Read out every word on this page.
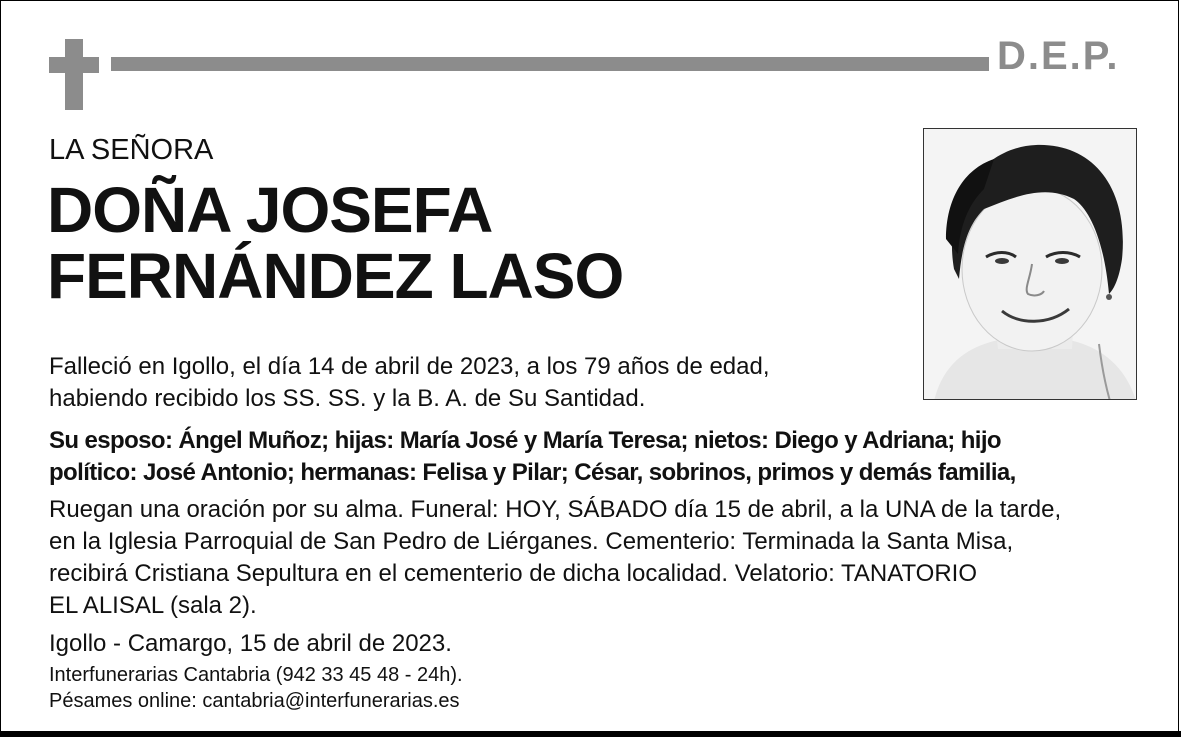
D.E.P.
LA SEÑORA
DOÑA JOSEFA
FERNÁNDEZ LASO
Falleció en Igollo, el día 14 de abril de 2023, a los 79 años de edad,
habiendo recibido los SS. SS. y la B. A. de Su Santidad.
Su esposo: Ángel Muñoz; hijas: María José y María Teresa; nietos: Diego y Adriana; hijo
político: José Antonio; hermanas: Felisa y Pilar; César, sobrinos, primos y demás familia,
Ruegan una oración por su alma. Funeral: HOY, SÁBADO día 15 de abril, a la UNA de la tarde,
en la Iglesia Parroquial de San Pedro de Liérganes. Cementerio: Terminada la Santa Misa,
recibirá Cristiana Sepultura en el cementerio de dicha localidad. Velatorio: TANATORIO
EL ALISAL (sala 2).
Igollo - Camargo, 15 de abril de 2023.
Interfunerarias Cantabria (942 33 45 48 - 24h).
Pésames online: cantabria@interfunerarias.es
